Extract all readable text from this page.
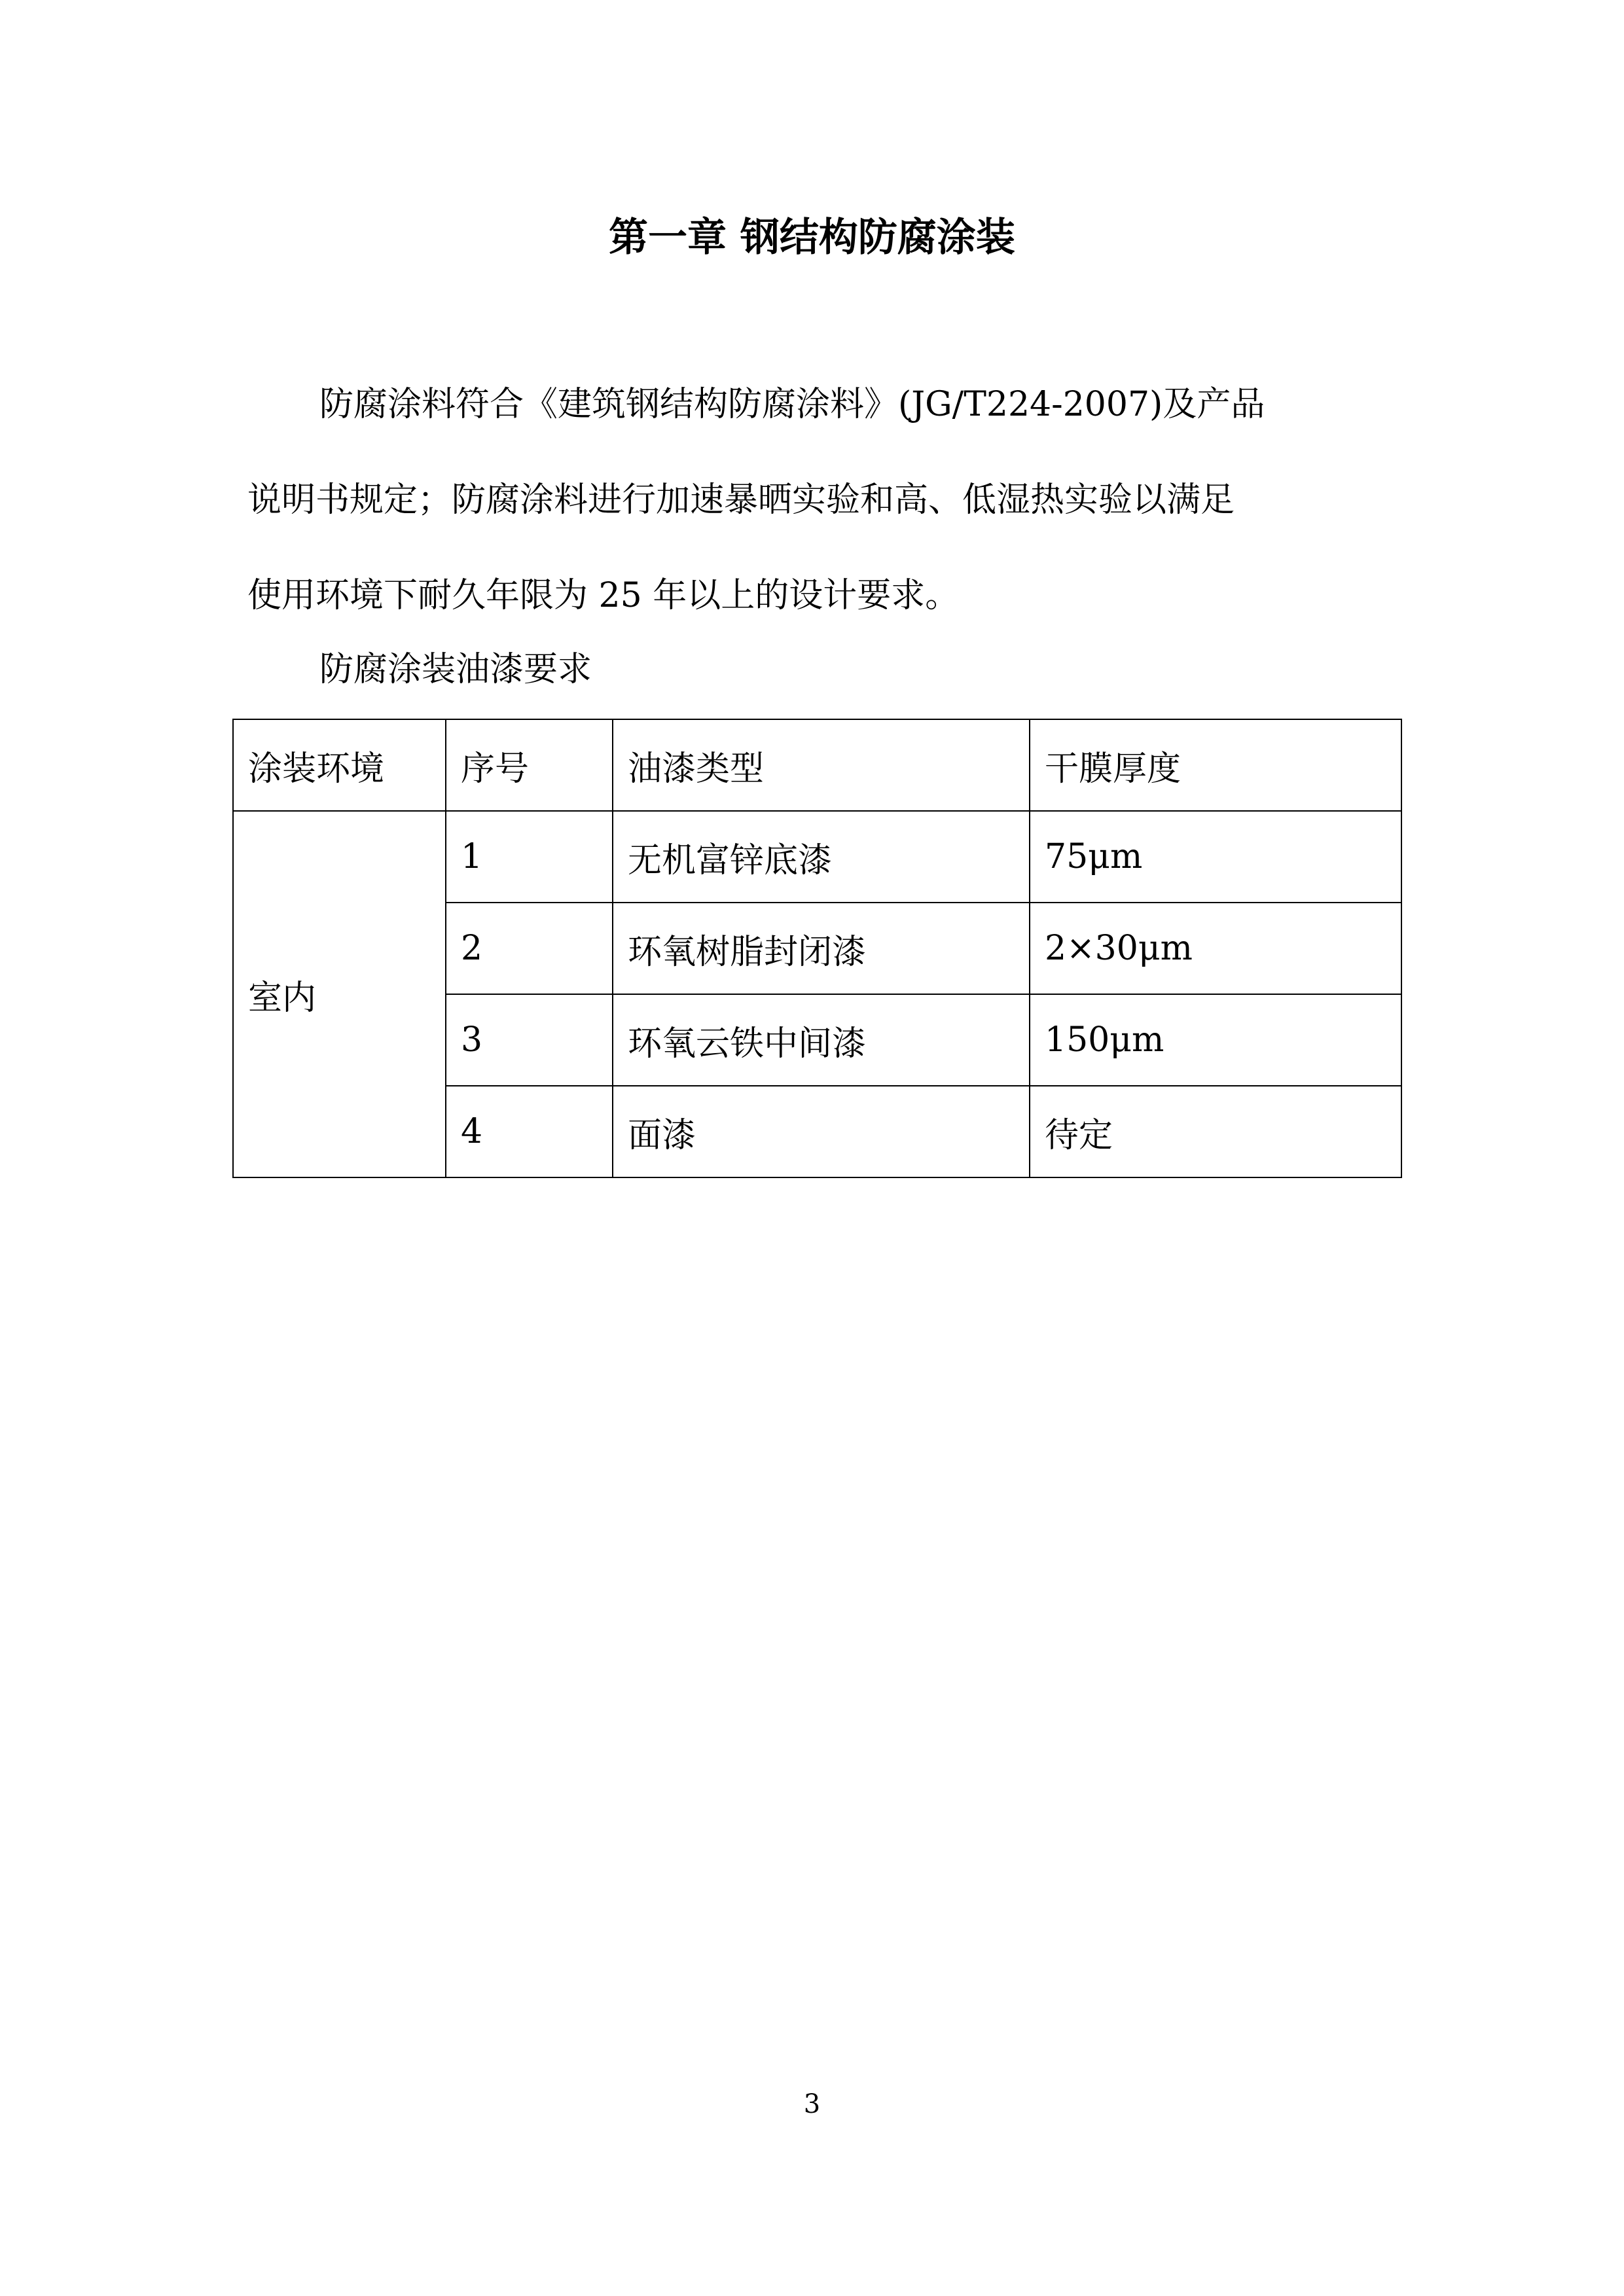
第一章 钢结构防腐涂装

防腐涂料符合《建筑钢结构防腐涂料》(JG/T224-2007)及产品
说明书规定；防腐涂料进行加速暴晒实验和高、低湿热实验以满足
使用环境下耐久年限为 25 年以上的设计要求。

防腐涂装油漆要求

涂装环境	序号	油漆类型	干膜厚度
室内	1	无机富锌底漆	75μm
	2	环氧树脂封闭漆	2×30μm
	3	环氧云铁中间漆	150μm
	4	面漆	待定

3
